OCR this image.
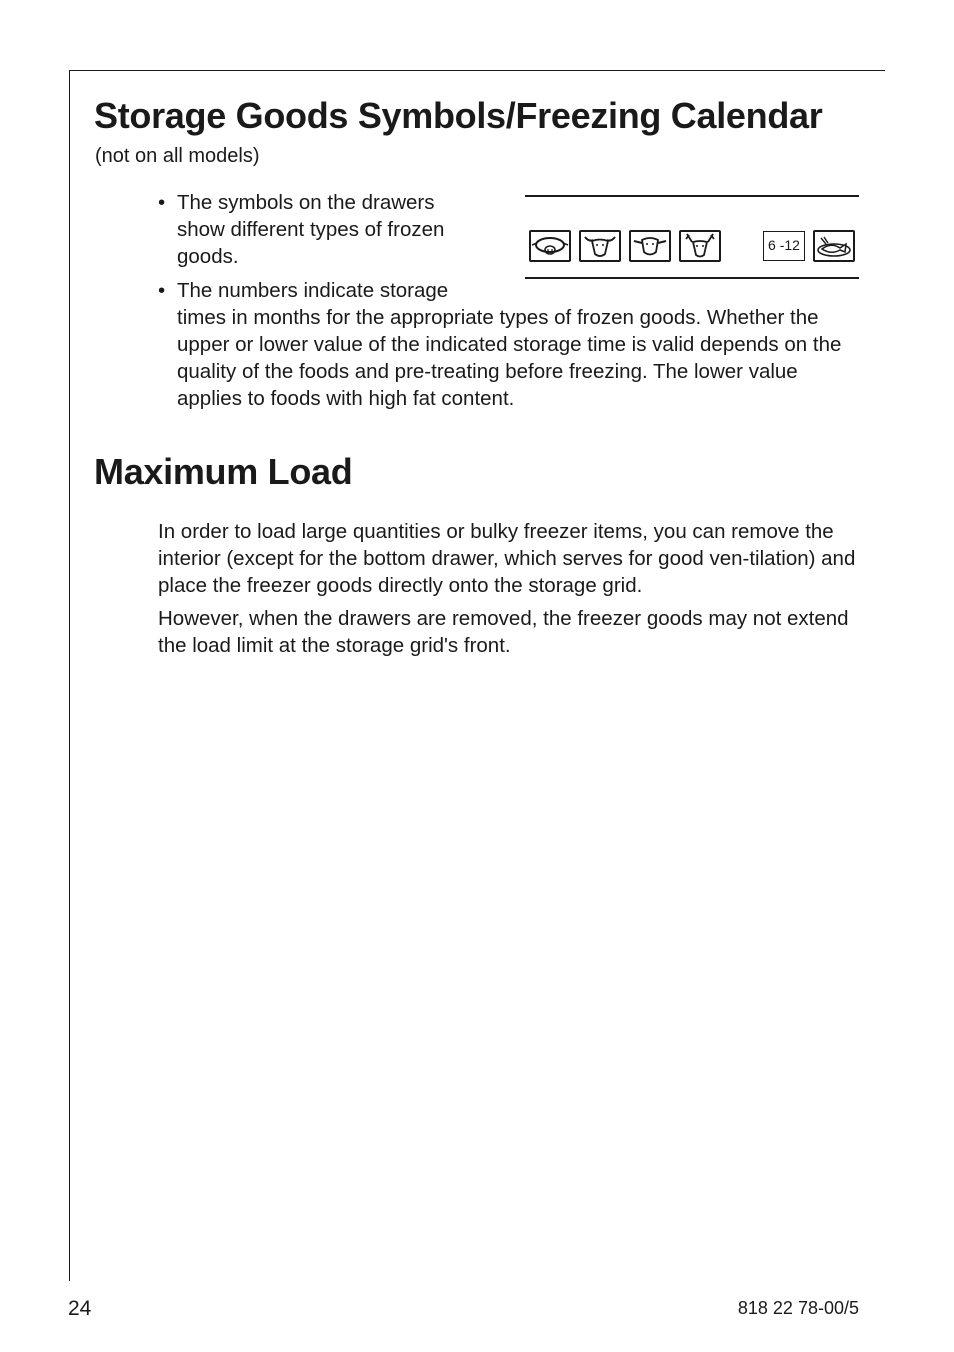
Storage Goods Symbols/Freezing Calendar
(not on all models)
• The symbols on the drawers show different types of frozen goods.	6 -12
• The numbers indicate storage
times in months for the appropriate types of frozen goods. Whether the upper or lower value of the indicated storage time is valid depends on the quality of the foods and pre-treating before freezing. The lower value applies to foods with high fat content.
Maximum Load
In order to load large quantities or bulky freezer items, you can remove the interior (except for the bottom drawer, which serves for good ven-tilation) and place the freezer goods directly onto the storage grid.
However, when the drawers are removed, the freezer goods may not extend the load limit at the storage grid's front.
24	818 22 78-00/5
